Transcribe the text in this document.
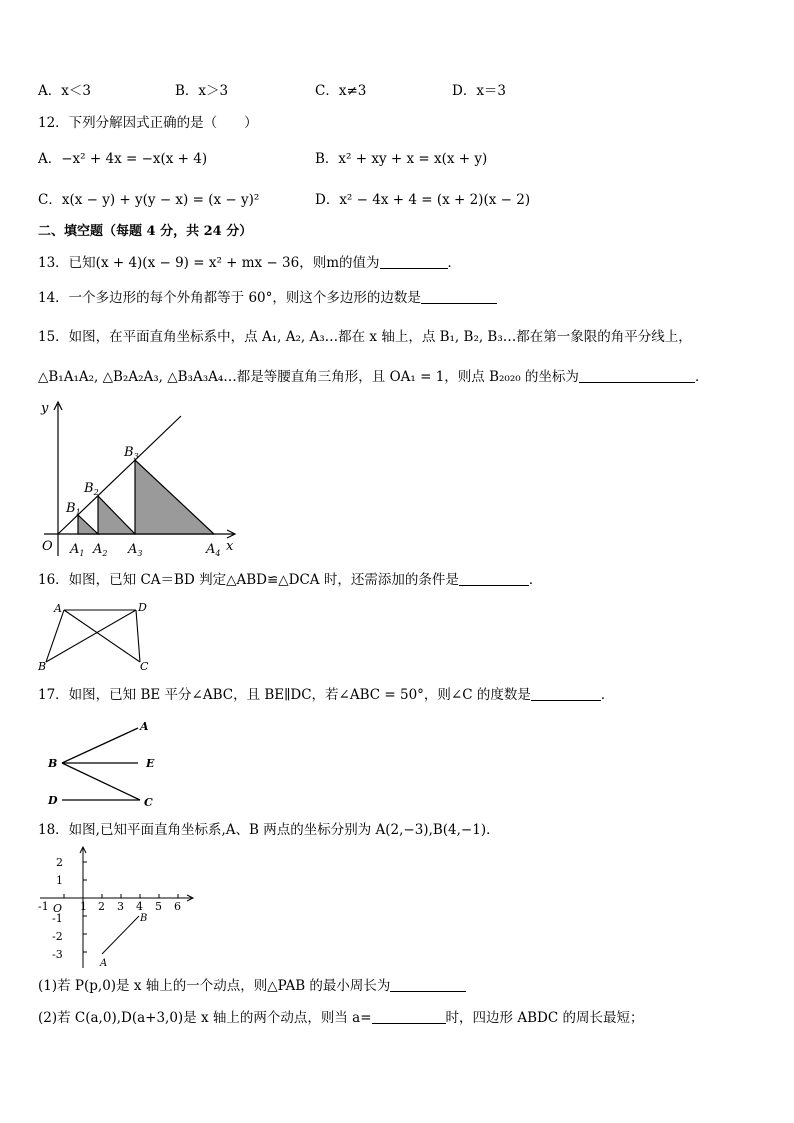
A．x＜3	B．x＞3	C．x≠3	D．x＝3
12．下列分解因式正确的是（　　）
A．−x² + 4x = −x(x + 4)	B．x² + xy + x = x(x + y)
C．x(x − y) + y(y − x) = (x − y)²	D．x² − 4x + 4 = (x + 2)(x − 2)
二、填空题（每题 4 分，共 24 分）
13．已知(x + 4)(x − 9) = x² + mx − 36，则m的值为	．
14．一个多边形的每个外角都等于 60°，则这个多边形的边数是
15．如图，在平面直角坐标系中，点 A₁, A₂, A₃…都在 x 轴上，点 B₁, B₂, B₃…都在第一象限的角平分线上，
△B₁A₁A₂, △B₂A₂A₃, △B₃A₃A₄…都是等腰直角三角形，且 OA₁ = 1，则点 B₂₀₂₀ 的坐标为	．
y
x
O $A_1$ $A_2$ $A_3$	$A_4$
$B_1$
$B_2$
$B_3$
16．如图，已知 CA＝BD 判定△ABD≌△DCA 时，还需添加的条件是	．
A	D
B	C
17．如图，已知 BE 平分∠ABC，且 BE∥DC，若∠ABC = 50°，则∠C 的度数是	．
A
B	E
D	C
18．如图,已知平面直角坐标系,A、B 两点的坐标分别为 A(2,−3),B(4,−1)．
-1 O 1 2 3 4 5 6
2
1
-1
-2
-3
B
A
(1)若 P(p,0)是 x 轴上的一个动点，则△PAB 的最小周长为
(2)若 C(a,0),D(a+3,0)是 x 轴上的两个动点，则当 a=	时，四边形 ABDC 的周长最短；
